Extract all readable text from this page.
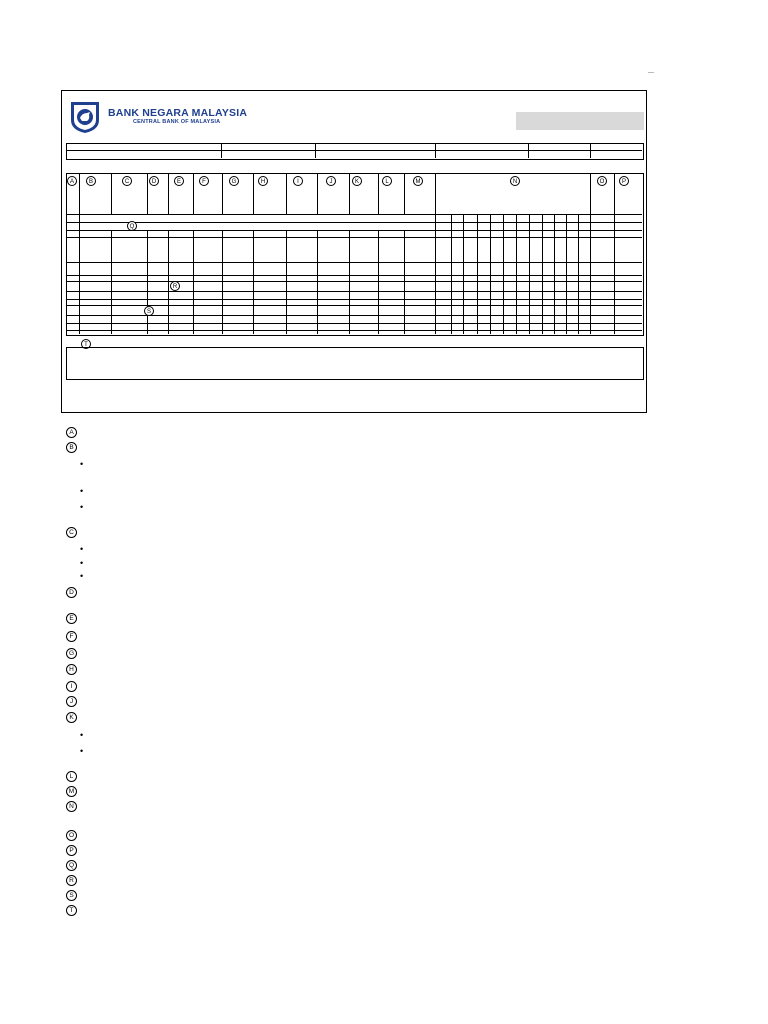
BANK NEGARA MALAYSIA
CENTRAL BANK OF MALAYSIA
A	B	C	D	E	F	G	H	I	J	K	L	M	N	O	P
Q
R
S
T
A
B
•
•
•
C
•
•
•
D
E
F
G
H
I
J
K
•
•
L
M
N
O
P
Q
R
S
T
